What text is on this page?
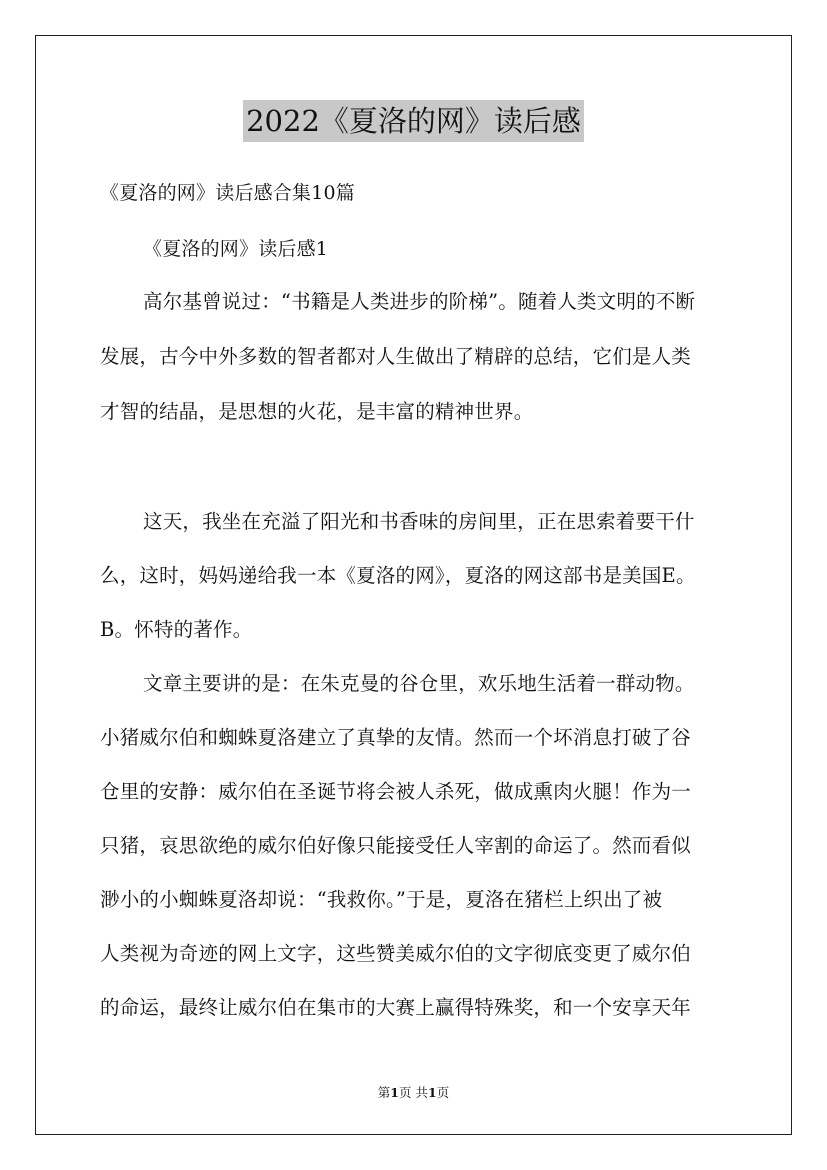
2022《夏洛的网》读后感
《夏洛的网》读后感合集10篇
《夏洛的网》读后感1
高尔基曾说过：“书籍是人类进步的阶梯”。随着人类文明的不断
发展，古今中外多数的智者都对人生做出了精辟的总结，它们是人类
才智的结晶，是思想的火花，是丰富的精神世界。
这天，我坐在充溢了阳光和书香味的房间里，正在思索着要干什
么，这时，妈妈递给我一本《夏洛的网》，夏洛的网这部书是美国E。
B。怀特的著作。
文章主要讲的是：在朱克曼的谷仓里，欢乐地生活着一群动物。
小猪威尔伯和蜘蛛夏洛建立了真挚的友情。然而一个坏消息打破了谷
仓里的安静：威尔伯在圣诞节将会被人杀死，做成熏肉火腿！作为一
只猪，哀思欲绝的威尔伯好像只能接受任人宰割的命运了。然而看似
渺小的小蜘蛛夏洛却说：“我救你。”于是，夏洛在猪栏上织出了被
人类视为奇迹的网上文字，这些赞美威尔伯的文字彻底变更了威尔伯
的命运，最终让威尔伯在集市的大赛上赢得特殊奖，和一个安享天年
第1页 共1页
